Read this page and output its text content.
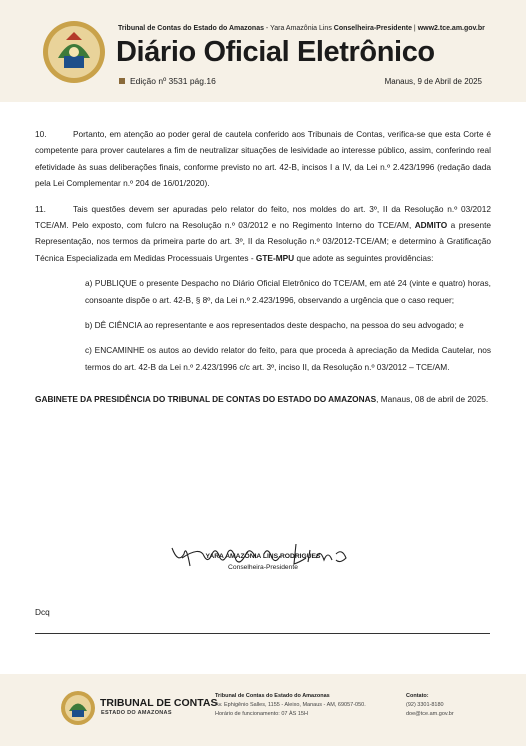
Tribunal de Contas do Estado do Amazonas - Yara Amazônia Lins Conselheira-Presidente | www2.tce.am.gov.br
Diário Oficial Eletrônico
Edição nº 3531 pág.16	Manaus, 9 de Abril de 2025

10.	Portanto, em atenção ao poder geral de cautela conferido aos Tribunais de Contas, verifica-se que esta Corte é competente para prover cautelares a fim de neutralizar situações de lesividade ao interesse público, assim, conferindo real efetividade às suas deliberações finais, conforme previsto no art. 42-B, incisos I a IV, da Lei n.º 2.423/1996 (redação dada pela Lei Complementar n.º 204 de 16/01/2020).

11.	Tais questões devem ser apuradas pelo relator do feito, nos moldes do art. 3º, II da Resolução n.º 03/2012 TCE/AM. Pelo exposto, com fulcro na Resolução n.º 03/2012 e no Regimento Interno do TCE/AM, ADMITO a presente Representação, nos termos da primeira parte do art. 3º, II da Resolução n.º 03/2012-TCE/AM; e determino à Gratificação Técnica Especializada em Medidas Processuais Urgentes - GTE-MPU que adote as seguintes providências:

a) PUBLIQUE o presente Despacho no Diário Oficial Eletrônico do TCE/AM, em até 24 (vinte e quatro) horas, consoante dispõe o art. 42-B, § 8º, da Lei n.º 2.423/1996, observando a urgência que o caso requer;

b) DÊ CIÊNCIA ao representante e aos representados deste despacho, na pessoa do seu advogado; e

c) ENCAMINHE os autos ao devido relator do feito, para que proceda à apreciação da Medida Cautelar, nos termos do art. 42-B da Lei n.º 2.423/1996 c/c art. 3º, inciso II, da Resolução n.º 03/2012 – TCE/AM.

GABINETE DA PRESIDÊNCIA DO TRIBUNAL DE CONTAS DO ESTADO DO AMAZONAS, Manaus, 08 de abril de 2025.

YARA AMAZÔNIA LINS RODRIGUES
Conselheira-Presidente
Dcq
TRIBUNAL DE CONTAS
ESTADO DO AMAZONAS
Tribunal de Contas do Estado do Amazonas
Av. Ephigênio Salles, 1155 - Aleixo, Manaus - AM, 69057-050.
Horário de funcionamento: 07 ÀS 15H
Contato:
(92) 3301-8180
doe@tce.am.gov.br
